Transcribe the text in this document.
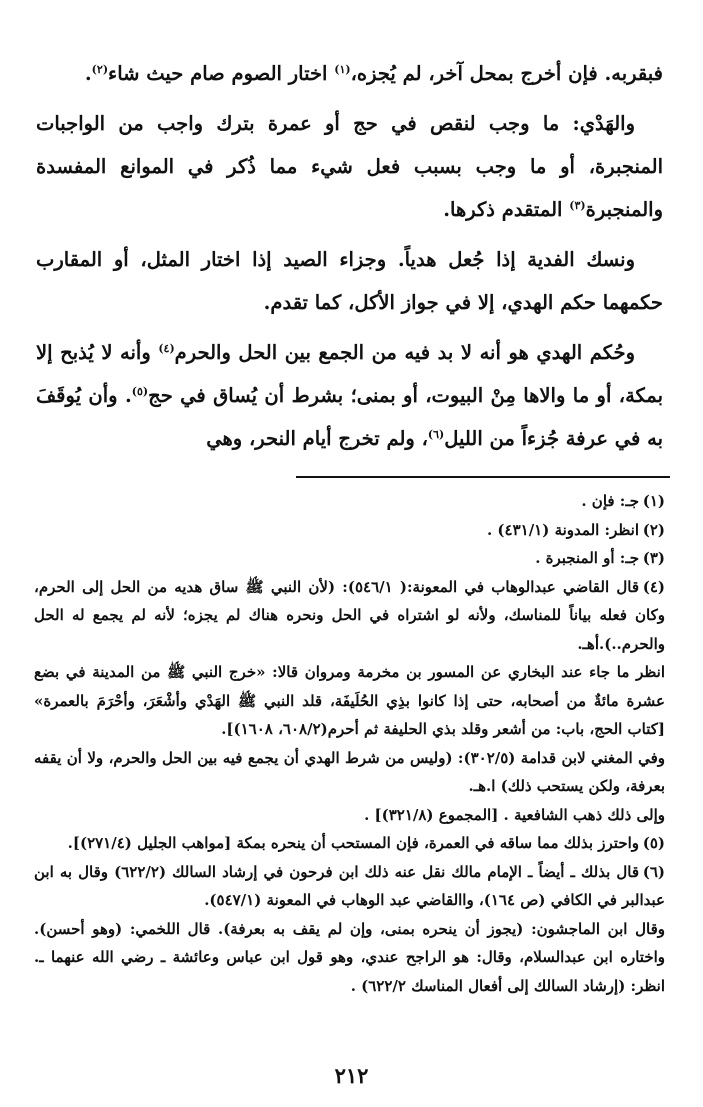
فبقربه. فإن أخرج بمحل آخر، لم يُجزه،$^{(١)}$ اختار الصوم صام حيث شاء$^{(٢)}$.

والهَدْي: ما وجب لنقص في حج أو عمرة بترك واجب من الواجبات المنجبرة، أو ما وجب بسبب فعل شيء مما ذُكر في الموانع المفسدة والمنجبرة$^{(٣)}$ المتقدم ذكرها.

ونسك الفدية إذا جُعل هدياً. وجزاء الصيد إذا اختار المثل، أو المقارب حكمهما حكم الهدي، إلا في جواز الأكل، كما تقدم.

وحُكم الهدي هو أنه لا بد فيه من الجمع بين الحل والحرم$^{(٤)}$ وأنه لا يُذبح إلا بمكة، أو ما والاها مِنْ البيوت، أو بمنى؛ بشرط أن يُساق في حج$^{(٥)}$. وأن يُوقَفَ به في عرفة جُزءاً من الليل$^{(٦)}$، ولم تخرج أيام النحر، وهي

(١)جـ: فإن .

(٢)انظر: المدونة (٤٣١/١) .

(٣)جـ: أو المنجبرة .

(٤)قال القاضي عبدالوهاب في المعونة:( ٥٤٦/١): (لأن النبي ﷺ ساق هديه من الحل إلى الحرم، وكان فعله بياناً للمناسك، ولأنه لو اشتراه في الحل ونحره هناك لم يجزه؛ لأنه لم يجمع له الحل والحرم..).أهـ.

انظر ما جاء عند البخاري عن المسور بن مخرمة ومروان قالا: «خرج النبي ﷺ من المدينة في بضع عشرة مائةٌ من أصحابه، حتى إذا كانوا بذِي الحُلَيفَة، قلد النبي ﷺ الهَدْي وأشْعَرَ، وأحْرَمَ بالعمرة» [كتاب الحج، باب: من أشعر وقلد بذي الحليفة ثم أحرم(٦٠٨/٢، ١٦٠٨)].

وفي المغني لابن قدامة (٣٠٢/٥): (وليس من شرط الهدي أن يجمع فيه بين الحل والحرم، ولا أن يقفه بعرفة، ولكن يستحب ذلك) ا.هـ.

وإلى ذلك ذهب الشافعية . [المجموع (٣٢١/٨)] .

(٥)واحترز بذلك مما ساقه في العمرة، فإن المستحب أن ينحره بمكة [مواهب الجليل (٢٧١/٤)].

(٦)قال بذلك ـ أيضاً ـ الإمام مالك نقل عنه ذلك ابن فرحون في إرشاد السالك (٦٢٢/٢) وقال به ابن عبدالبر في الكافي (ص ١٦٤)، واالقاضي عبد الوهاب في المعونة (٥٤٧/١).

وقال ابن الماجشون: (يجوز أن ينحره بمنى، وإن لم يقف به بعرفة). قال اللخمي: (وهو أحسن). واختاره ابن عبدالسلام، وقال: هو الراجح عندي، وهو قول ابن عباس وعائشة ـ رضي الله عنهما ـ. انظر: (إرشاد السالك إلى أفعال المناسك ٦٢٢/٢) .

٢١٢
